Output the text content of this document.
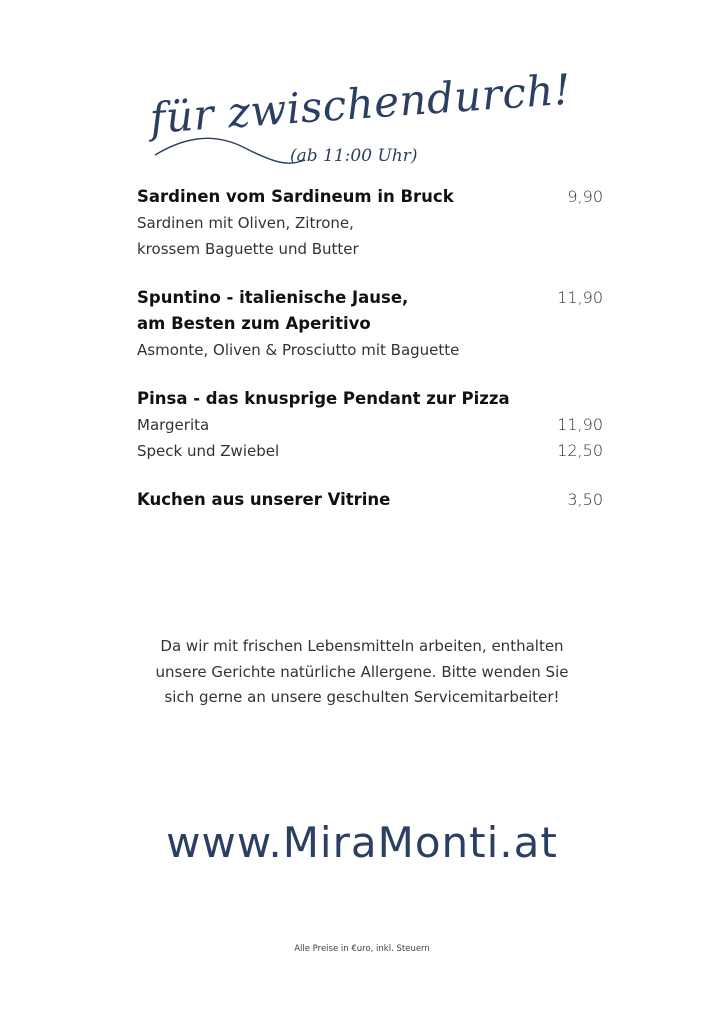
für zwischendurch!
(ab 11:00 Uhr)
Sardinen vom Sardineum in Bruck	9,90
Sardinen mit Oliven, Zitrone,
krossem Baguette und Butter
Spuntino - italienische Jause,	11,90
am Besten zum Aperitivo
Asmonte, Oliven & Prosciutto mit Baguette
Pinsa - das knusprige Pendant zur Pizza
Margerita	11,90
Speck und Zwiebel	12,50
Kuchen aus unserer Vitrine	3,50
Da wir mit frischen Lebensmitteln arbeiten, enthalten
unsere Gerichte natürliche Allergene. Bitte wenden Sie
sich gerne an unsere geschulten Servicemitarbeiter!
www.MiraMonti.at
Alle Preise in €uro, inkl. Steuern
